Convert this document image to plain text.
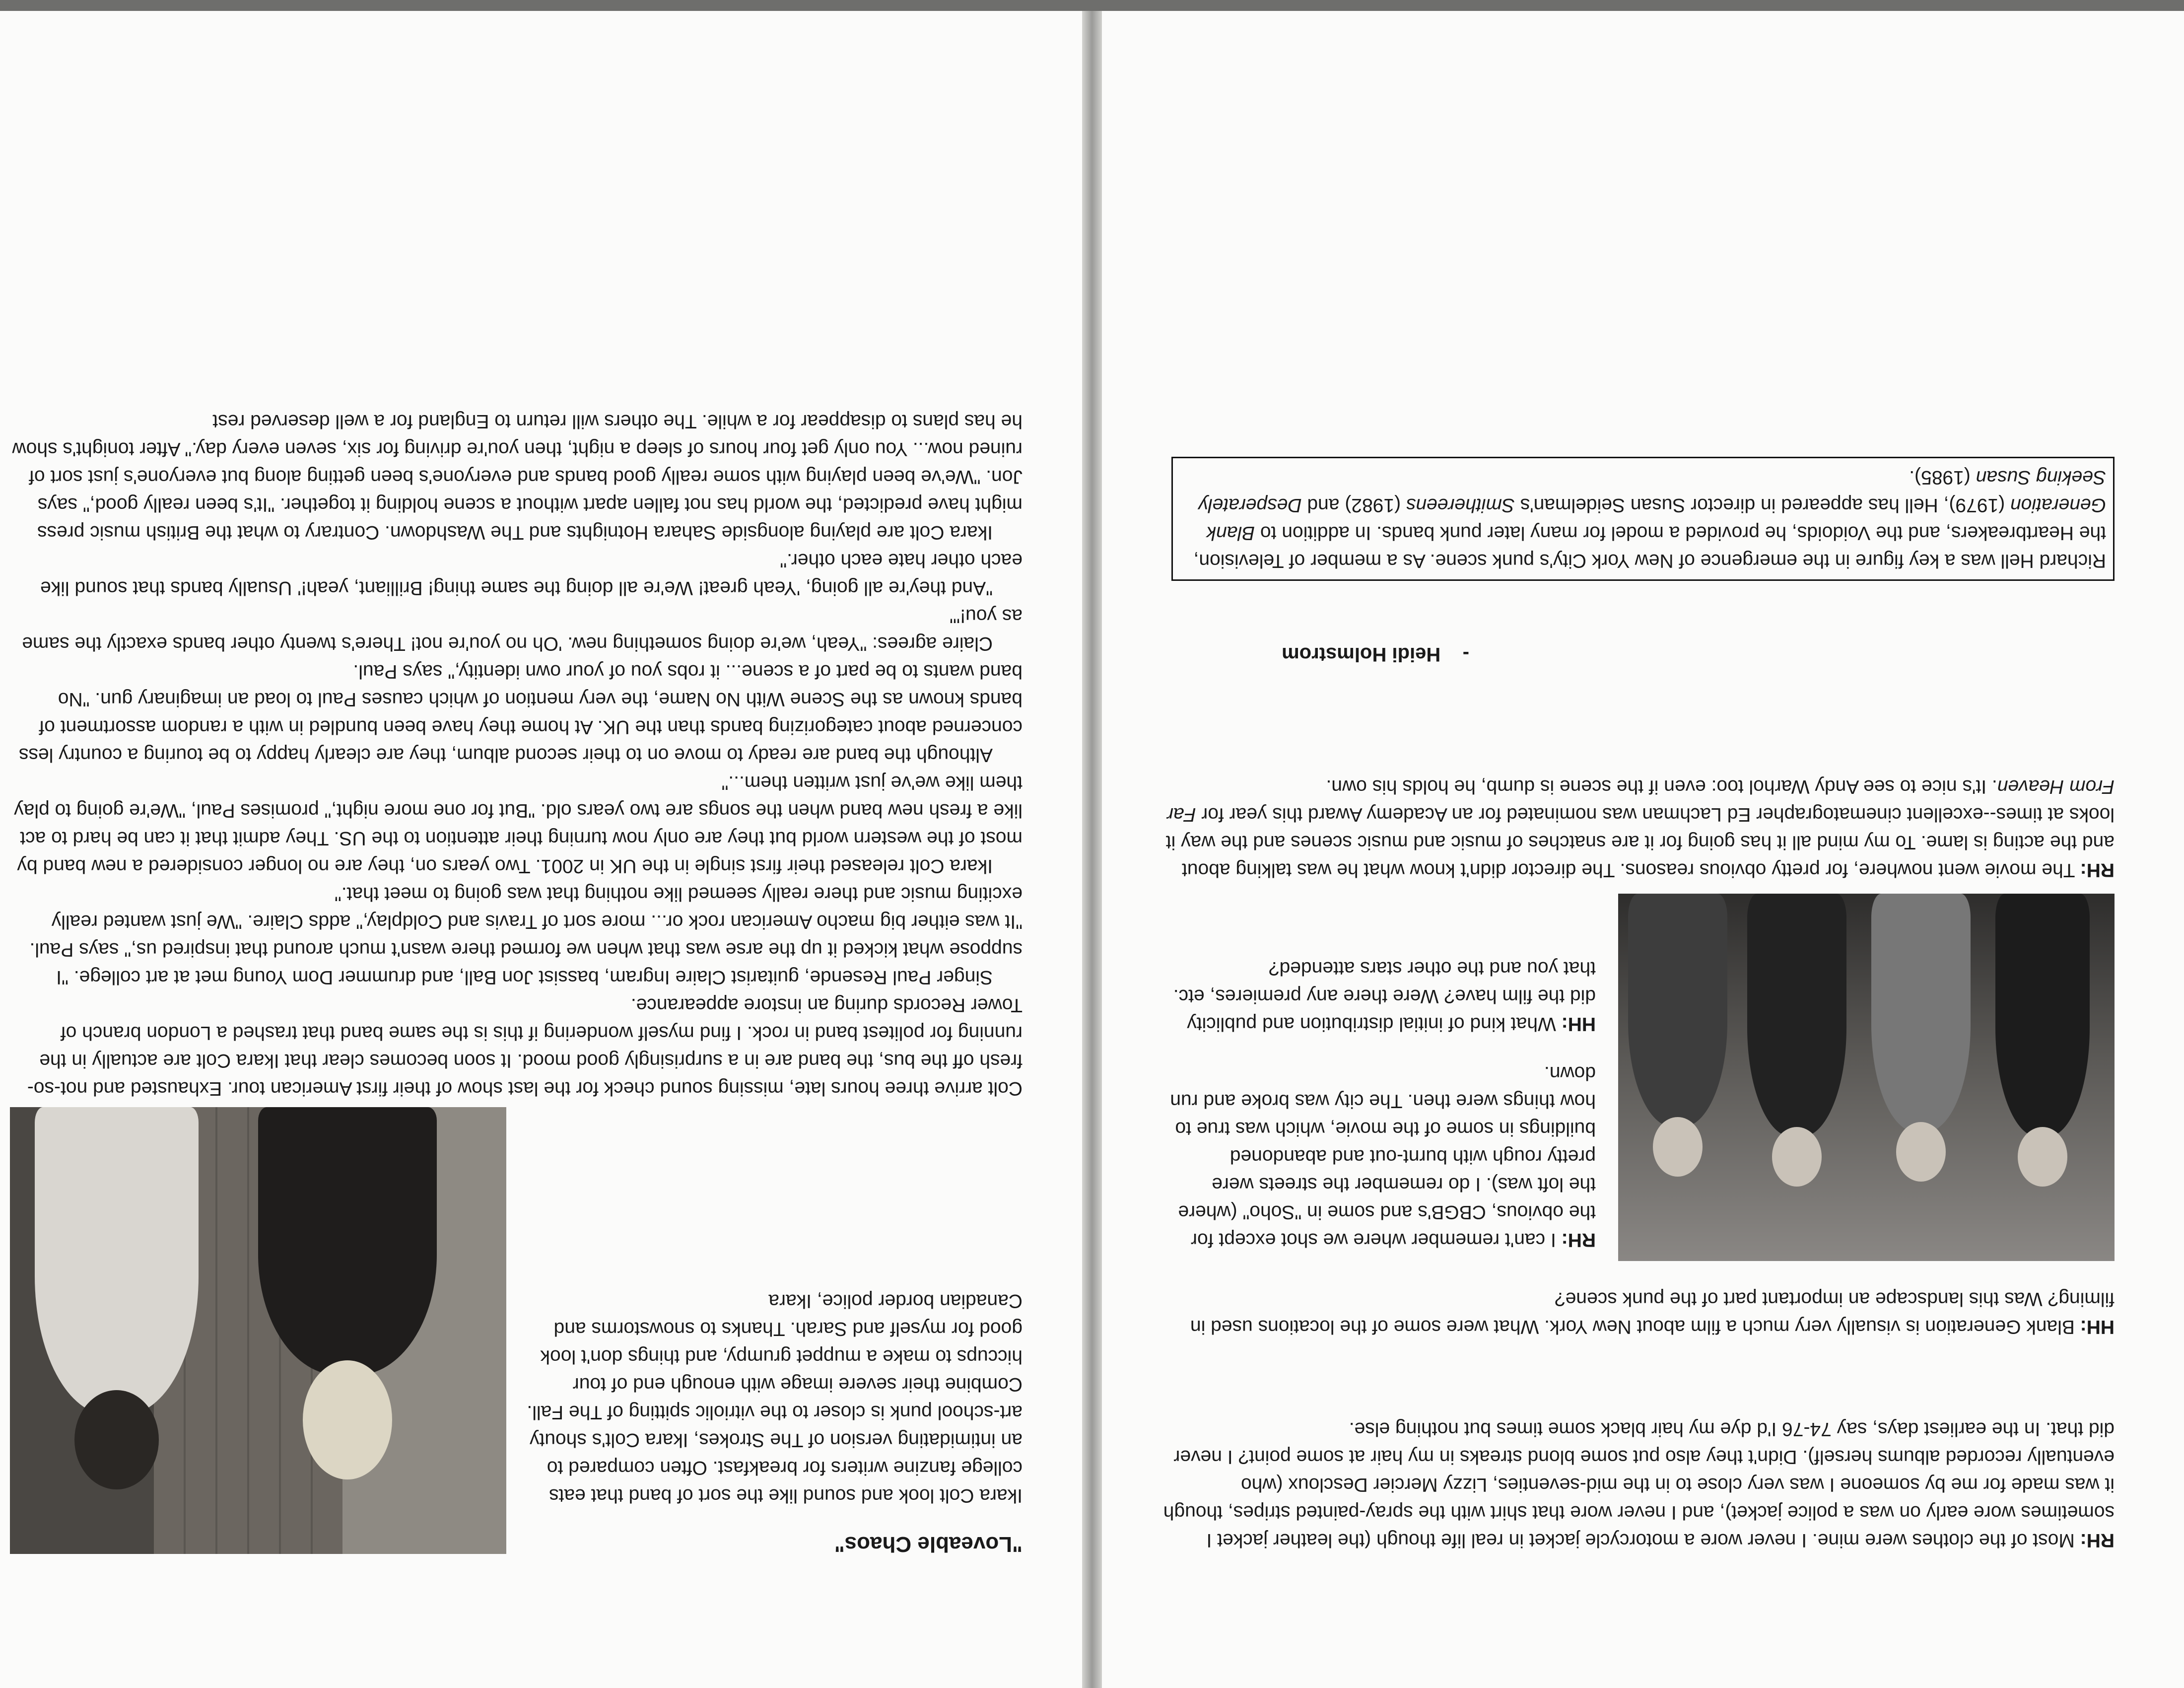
RH: Most of the clothes were mine. I never wore a motorcycle jacket in real life though (the leather jacket I sometimes wore early on was a police jacket), and I never wore that shirt with the spray-painted stripes, though it was made for me by someone I was very close to in the mid-seventies, Lizzy Mercier Descloux (who eventually recorded albums herself). Didn't they also put some blond streaks in my hair at some point? I never did that. In the earliest days, say 74-76 I'd dye my hair black some times but nothing else.

HH: Blank Generation is visually very much a film about New York. What were some of the locations used in filming? Was this landscape an important part of the punk scene?

RH: I can't remember where we shot except for the obvious, CBGB's and some in "Soho" (where the loft was). I do remember the streets were pretty rough with burnt-out and abandoned buildings in some of the movie, which was true to how things were then. The city was broke and run down.

HH: What kind of initial distribution and publicity did the film have? Were there any premieres, etc. that you and the other stars attended?

RH: The movie went nowhere, for pretty obvious reasons. The director didn't know what he was talking about and the acting is lame. To my mind all it has going for it are snatches of music and music scenes and the way it looks at times--excellent cinematographer Ed Lachman was nominated for an Academy Award this year for Far From Heaven. It's nice to see Andy Warhol too: even if the scene is dumb, he holds his own.

-    Heidi Holmstrom
Richard Hell was a key figure in the emergence of New York City's punk scene. As a member of Television, the Heartbreakers, and the Voidoids, he provided a model for many later punk bands. In addition to Blank Generation (1979), Hell has appeared in director Susan Seidelman's Smithereens (1982) and Desperately Seeking Susan (1985).
"Loveable Chaos"

Ikara Colt look and sound like the sort of band that eats college fanzine writers for breakfast. Often compared to an intimidating version of The Strokes, Ikara Colt's shouty art-school punk is closer to the vitriolic spitting of The Fall. Combine their severe image with enough end of tour hiccups to make a muppet grumpy, and things don't look good for myself and Sarah. Thanks to snowstorms and Canadian border police, Ikara

Colt arrive three hours late, missing sound check for the last show of their first American tour. Exhausted and not-so-fresh off the bus, the band are in a surprisingly good mood. It soon becomes clear that Ikara Colt are actually in the running for politest band in rock. I find myself wondering if this is the same band that trashed a London branch of Tower Records during an instore appearance.

Singer Paul Resende, guitarist Claire Ingram, bassist Jon Ball, and drummer Dom Young met at art college. "I suppose what kicked it up the arse was that when we formed there wasn't much around that inspired us," says Paul. "It was either big macho American rock or... more sort of Travis and Coldplay," adds Claire. "We just wanted really exciting music and there really seemed like nothing that was going to meet that."

Ikara Colt released their first single in the UK in 2001. Two years on, they are no longer considered a new band by most of the western world but they are only now turning their attention to the US. They admit that it can be hard to act like a fresh new band when the songs are two years old. "But for one more night," promises Paul, "We're going to play them like we've just written them..."

Although the band are ready to move on to their second album, they are clearly happy to be touring a country less concerned about categorizing bands than the UK. At home they have been bundled in with a random assortment of bands known as the Scene With No Name, the very mention of which causes Paul to load an imaginary gun. "No band wants to be part of a scene... it robs you of your own identity," says Paul.

Claire agrees: "Yeah, we're doing something new. 'Oh no you're not! There's twenty other bands exactly the same as you!'"

"And they're all going, 'Yeah great! We're all doing the same thing! Brilliant, yeah!' Usually bands that sound like each other hate each other."

Ikara Colt are playing alongside Sahara Hotnights and The Washdown. Contrary to what the British music press might have predicted, the world has not fallen apart without a scene holding it together. "It's been really good," says Jon. "We've been playing with some really good bands and everyone's been getting along but everyone's just sort of ruined now... You only get four hours of sleep a night, then you're driving for six, seven every day." After tonight's show he has plans to disappear for a while. The others will return to England for a well deserved rest
